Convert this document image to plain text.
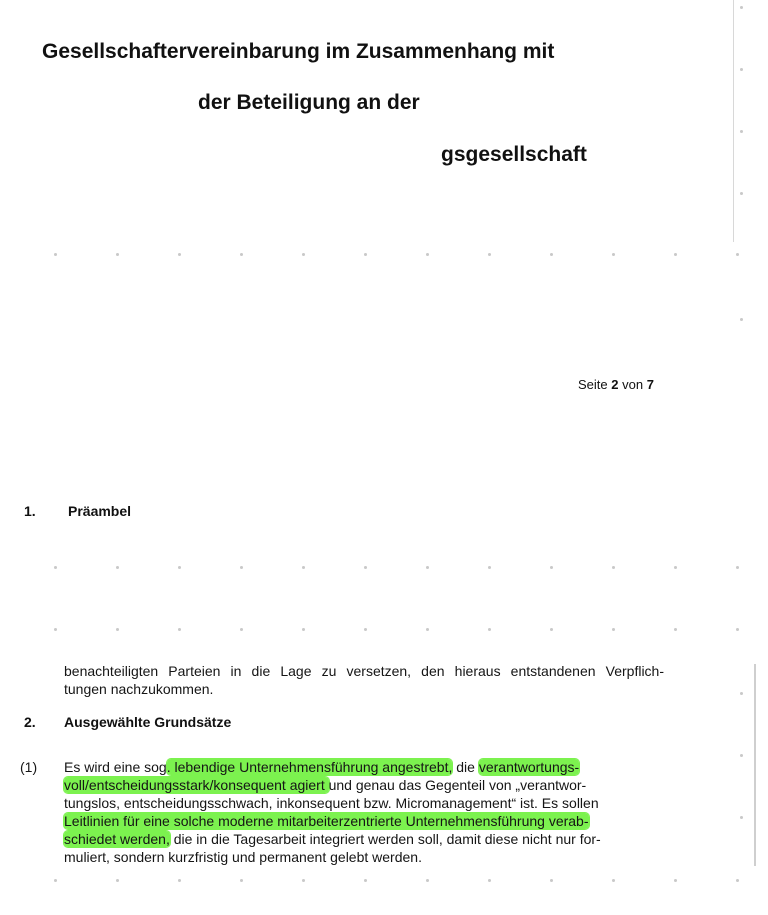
Gesellschaftervereinbarung im Zusammenhang mit
der Beteiligung an der
gsgesellschaft
Seite 2 von 7
1. Präambel
benachteiligten Parteien in die Lage zu versetzen, den hieraus entstandenen Verpflich-
tungen nachzukommen.
2. Ausgewählte Grundsätze
(1) Es wird eine sog. lebendige Unternehmensführung angestrebt, die verantwortungs-
voll/entscheidungsstark/konsequent agiert und genau das Gegenteil von „verantwor-
tungslos, entscheidungsschwach, inkonsequent bzw. Micromanagement“ ist. Es sollen
Leitlinien für eine solche moderne mitarbeiterzentrierte Unternehmensführung verab-
schiedet werden, die in die Tagesarbeit integriert werden soll, damit diese nicht nur for-
muliert, sondern kurzfristig und permanent gelebt werden.
